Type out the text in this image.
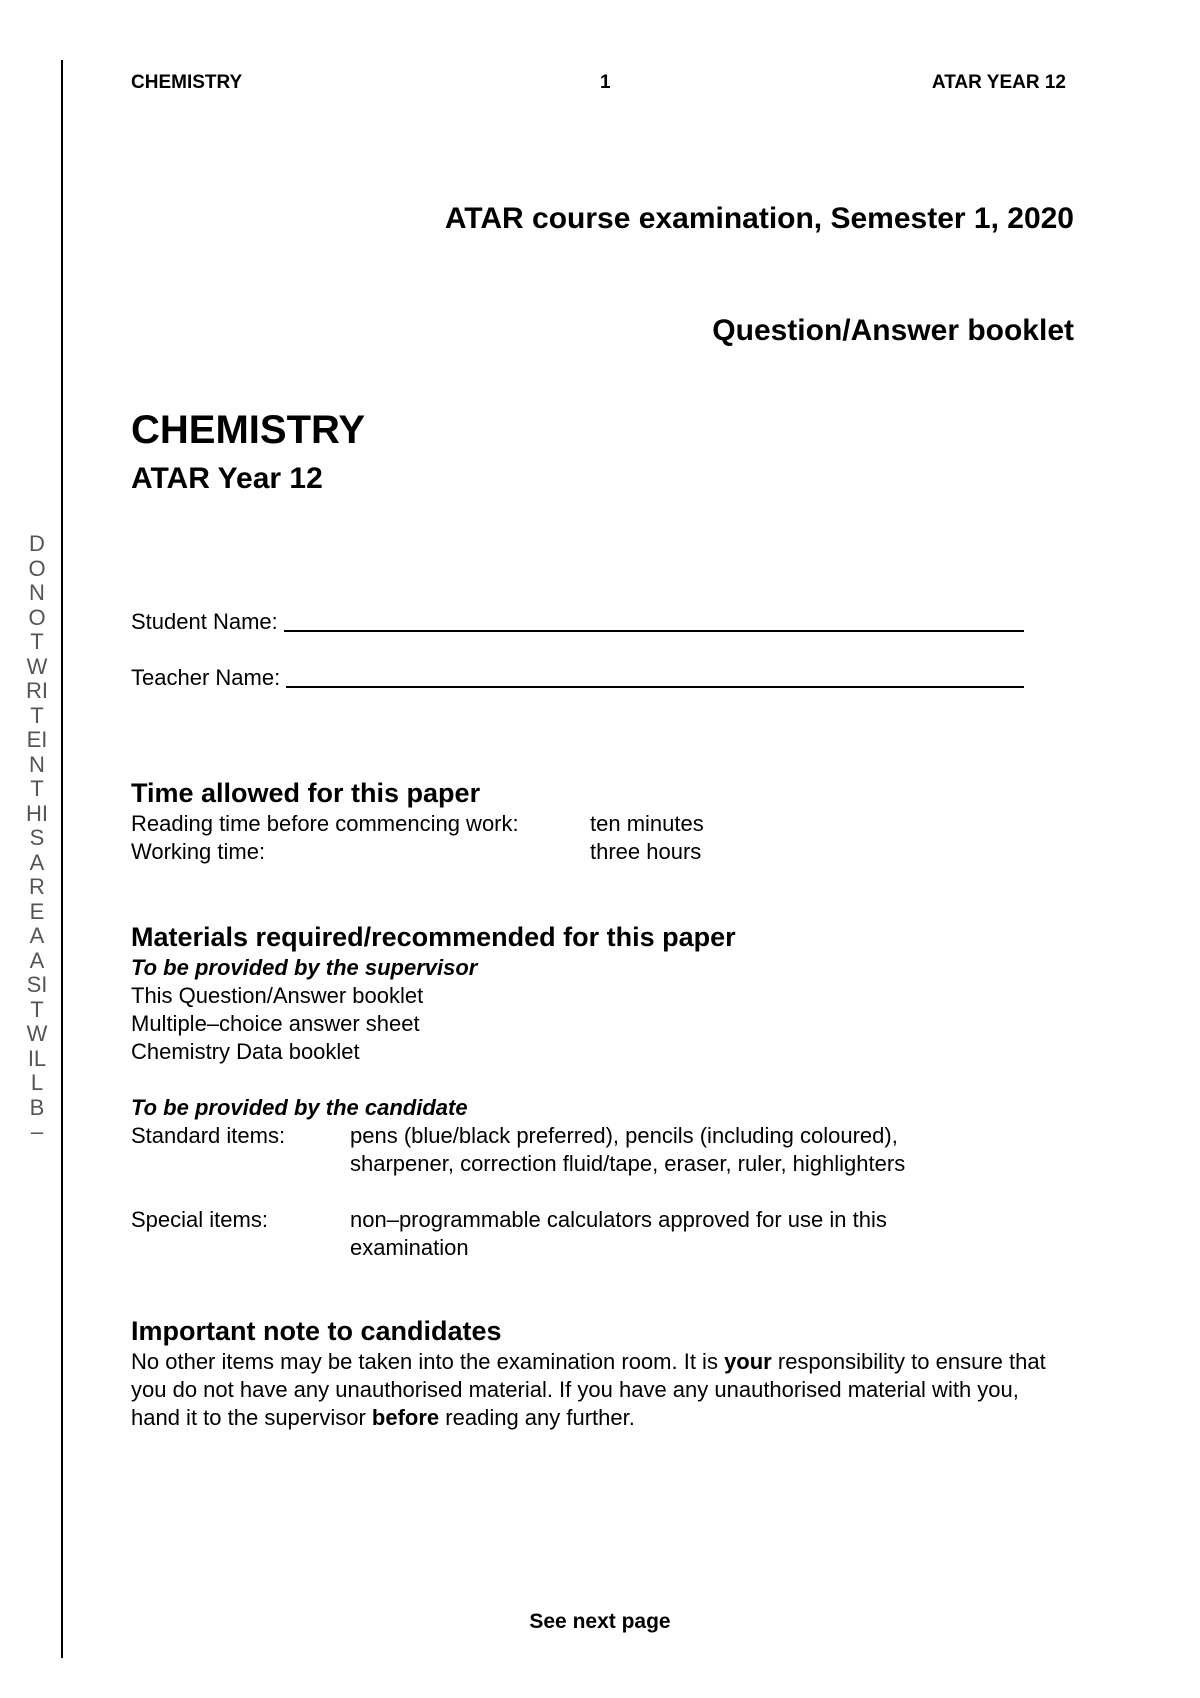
DONOTWRITEINTHISAREAASITWILLB–
CHEMISTRY	1	ATAR YEAR 12
ATAR course examination, Semester 1, 2020
Question/Answer booklet
CHEMISTRY
ATAR Year 12
Student Name:
Teacher Name:
Time allowed for this paper
Reading time before commencing work:	ten minutes
Working time:	three hours
Materials required/recommended for this paper
To be provided by the supervisor
This Question/Answer booklet
Multiple–choice answer sheet
Chemistry Data booklet
To be provided by the candidate
Standard items:	pens (blue/black preferred), pencils (including coloured), sharpener, correction fluid/tape, eraser, ruler, highlighters
Special items:	non–programmable calculators approved for use in this examination
Important note to candidates
No other items may be taken into the examination room. It is your responsibility to ensure that you do not have any unauthorised material. If you have any unauthorised material with you, hand it to the supervisor before reading any further.
See next page
